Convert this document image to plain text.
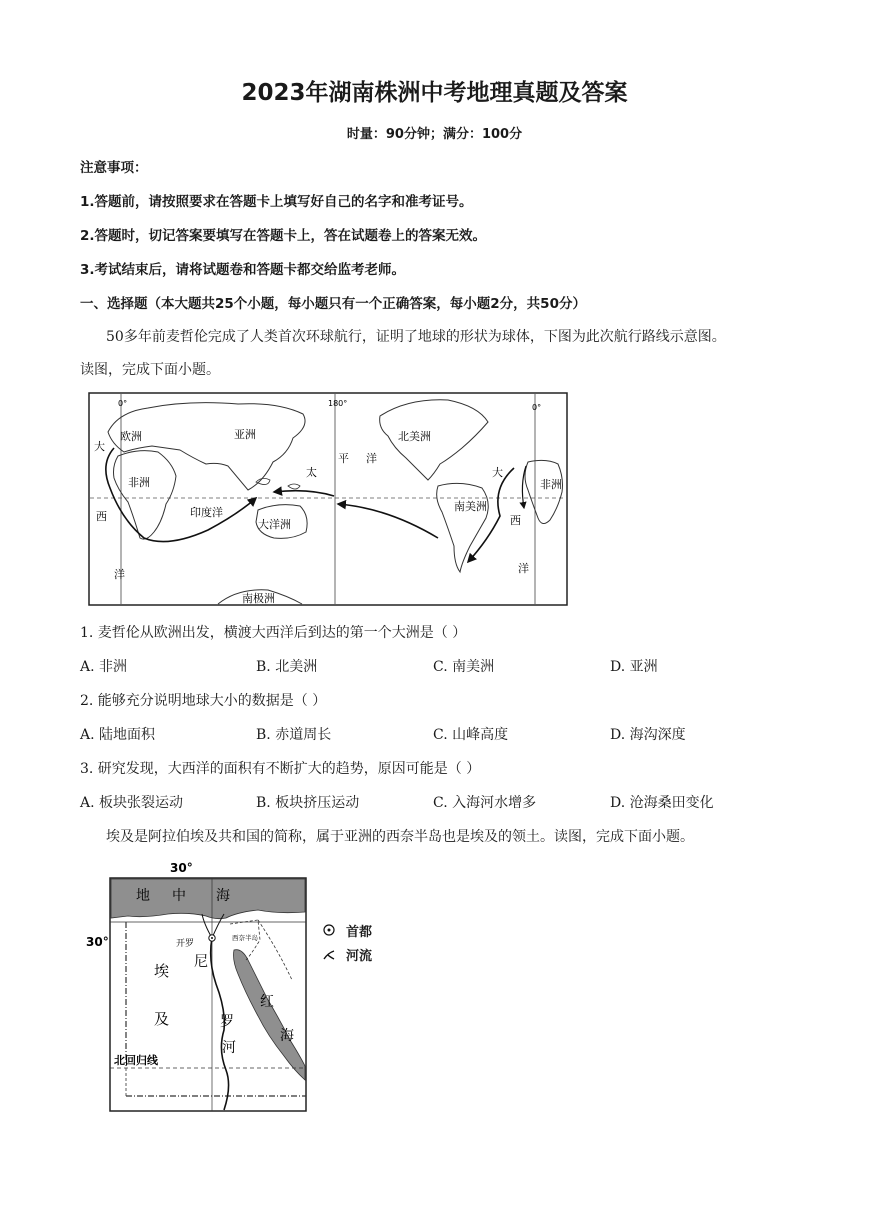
2023年湖南株洲中考地理真题及答案
时量：90分钟；满分：100分
注意事项：
1.答题前，请按照要求在答题卡上填写好自己的名字和准考证号。
2.答题时，切记答案要填写在答题卡上，答在试题卷上的答案无效。
3.考试结束后，请将试题卷和答题卡都交给监考老师。
一、选择题（本大题共25个小题，每小题只有一个正确答案，每小题2分，共50分）
50多年前麦哲伦完成了人类首次环球航行，证明了地球的形状为球体，下图为此次航行路线示意图。
读图，完成下面小题。
0°	180°	0°
欧洲	亚洲	北美洲
非洲	非洲
太
平 洋
印度洋
大洋洲
南美洲
南极洲
大
西
洋
大
西
洋
1. 麦哲伦从欧洲出发，横渡大西洋后到达的第一个大洲是（ ）
A. 非洲	B. 北美洲	C. 南美洲	D. 亚洲
2. 能够充分说明地球大小的数据是（ ）
A. 陆地面积	B. 赤道周长	C. 山峰高度	D. 海沟深度
3. 研究发现，大西洋的面积有不断扩大的趋势，原因可能是（ ）
A. 板块张裂运动	B. 板块挤压运动	C. 入海河水增多	D. 沧海桑田变化
埃及是阿拉伯埃及共和国的简称，属于亚洲的西奈半岛也是埃及的领土。读图，完成下面小题。
30°
30°
地 中 海
开罗
西奈半岛
埃
及
尼
罗
河
红
海
北回归线
首都
河流
